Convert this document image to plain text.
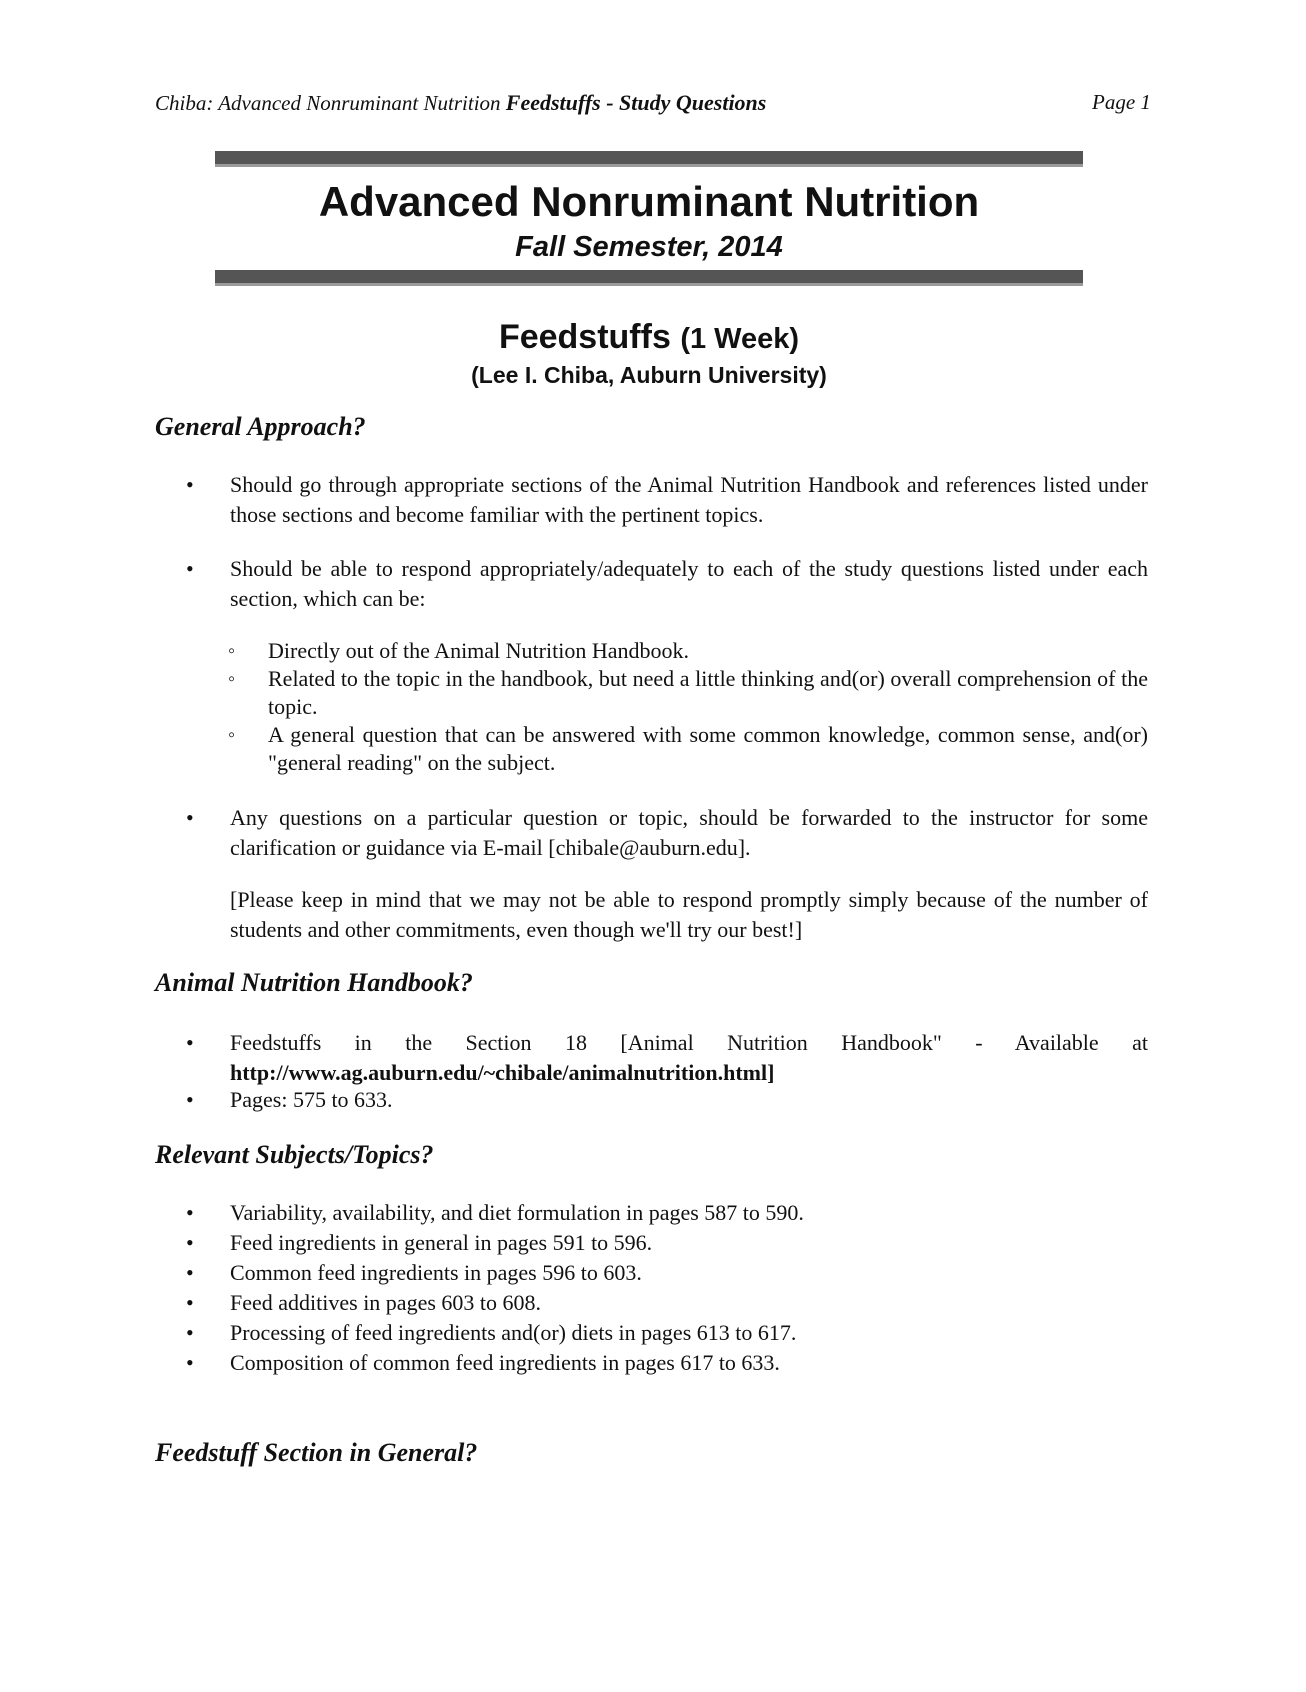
Chiba: Advanced Nonruminant Nutrition Feedstuffs - Study Questions	Page 1
Advanced Nonruminant Nutrition
Fall Semester, 2014
Feedstuffs (1 Week)
(Lee I. Chiba, Auburn University)
General Approach?
• Should go through appropriate sections of the Animal Nutrition Handbook and references listed under those sections and become familiar with the pertinent topics.
• Should be able to respond appropriately/adequately to each of the study questions listed under each section, which can be:
◦ Directly out of the Animal Nutrition Handbook.
◦ Related to the topic in the handbook, but need a little thinking and(or) overall comprehension of the topic.
◦ A general question that can be answered with some common knowledge, common sense, and(or) "general reading" on the subject.
• Any questions on a particular question or topic, should be forwarded to the instructor for some clarification or guidance via E-mail [chibale@auburn.edu].
[Please keep in mind that we may not be able to respond promptly simply because of the number of students and other commitments, even though we'll try our best!]
Animal Nutrition Handbook?
• Feedstuffs in the Section 18 [Animal Nutrition Handbook" - Available at http://www.ag.auburn.edu/~chibale/animalnutrition.html]
• Pages: 575 to 633.
Relevant Subjects/Topics?
• Variability, availability, and diet formulation in pages 587 to 590.
• Feed ingredients in general in pages 591 to 596.
• Common feed ingredients in pages 596 to 603.
• Feed additives in pages 603 to 608.
• Processing of feed ingredients and(or) diets in pages 613 to 617.
• Composition of common feed ingredients in pages 617 to 633.
Feedstuff Section in General?
